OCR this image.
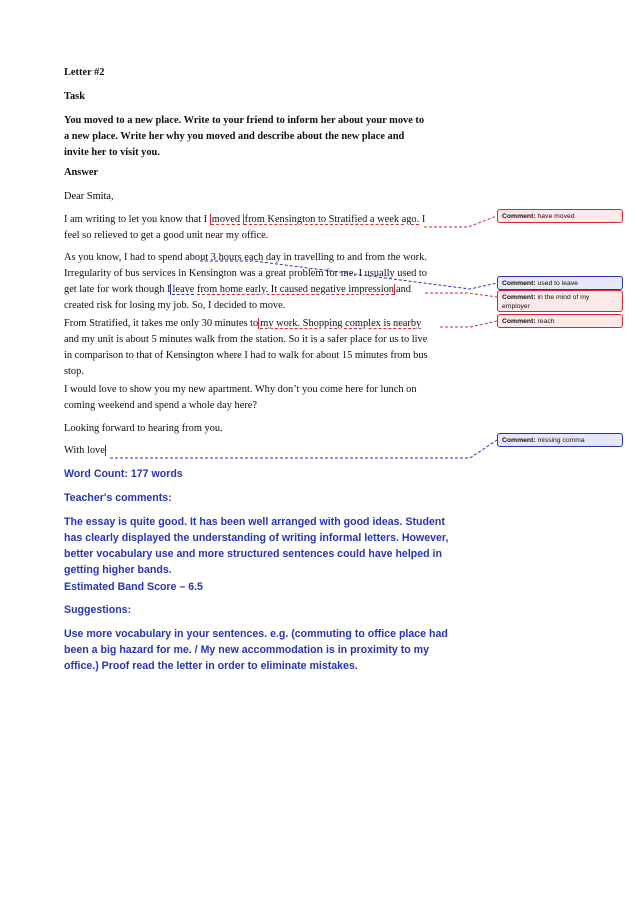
Letter #2

Task

You moved to a new place. Write to your friend to inform her about your move to
a new place. Write her why you moved and describe about the new place and
invite her to visit you.

Answer

Dear Smita,

I am writing to let you know that I moved from Kensington to Stratified a week ago. I
feel so relieved to get a good unit near my office.
As you know, I had to spend about 3 hours each day in travelling to and from the work.
Irregularity of bus services in Kensington was a great problem for me. I usually used to
get late for work though I leave from home early. It caused negative impression and
created risk for losing my job. So, I decided to move.
From Stratified, it takes me only 30 minutes to my work. Shopping complex is nearby
and my unit is about 5 minutes walk from the station. So it is a safer place for us to live
in comparison to that of Kensington where I had to walk for about 15 minutes from bus
stop.
I would love to show you my new apartment. Why don’t you come here for lunch on
coming weekend and spend a whole day here?

Looking forward to hearing from you.

With love

Word Count: 177 words

Teacher's comments:

The essay is quite good. It has been well arranged with good ideas. Student
has clearly displayed the understanding of writing informal letters. However,
better vocabulary use and more structured sentences could have helped in
getting higher bands.

Estimated Band Score – 6.5

Suggestions:

Use more vocabulary in your sentences. e.g. (commuting to office place had
been a big hazard for me. / My new accommodation is in proximity to my
office.) Proof read the letter in order to eliminate mistakes.
Comment: have moved
Comment: used to leave
Comment: in the mind of my employer
Comment: reach
Comment: missing comma
